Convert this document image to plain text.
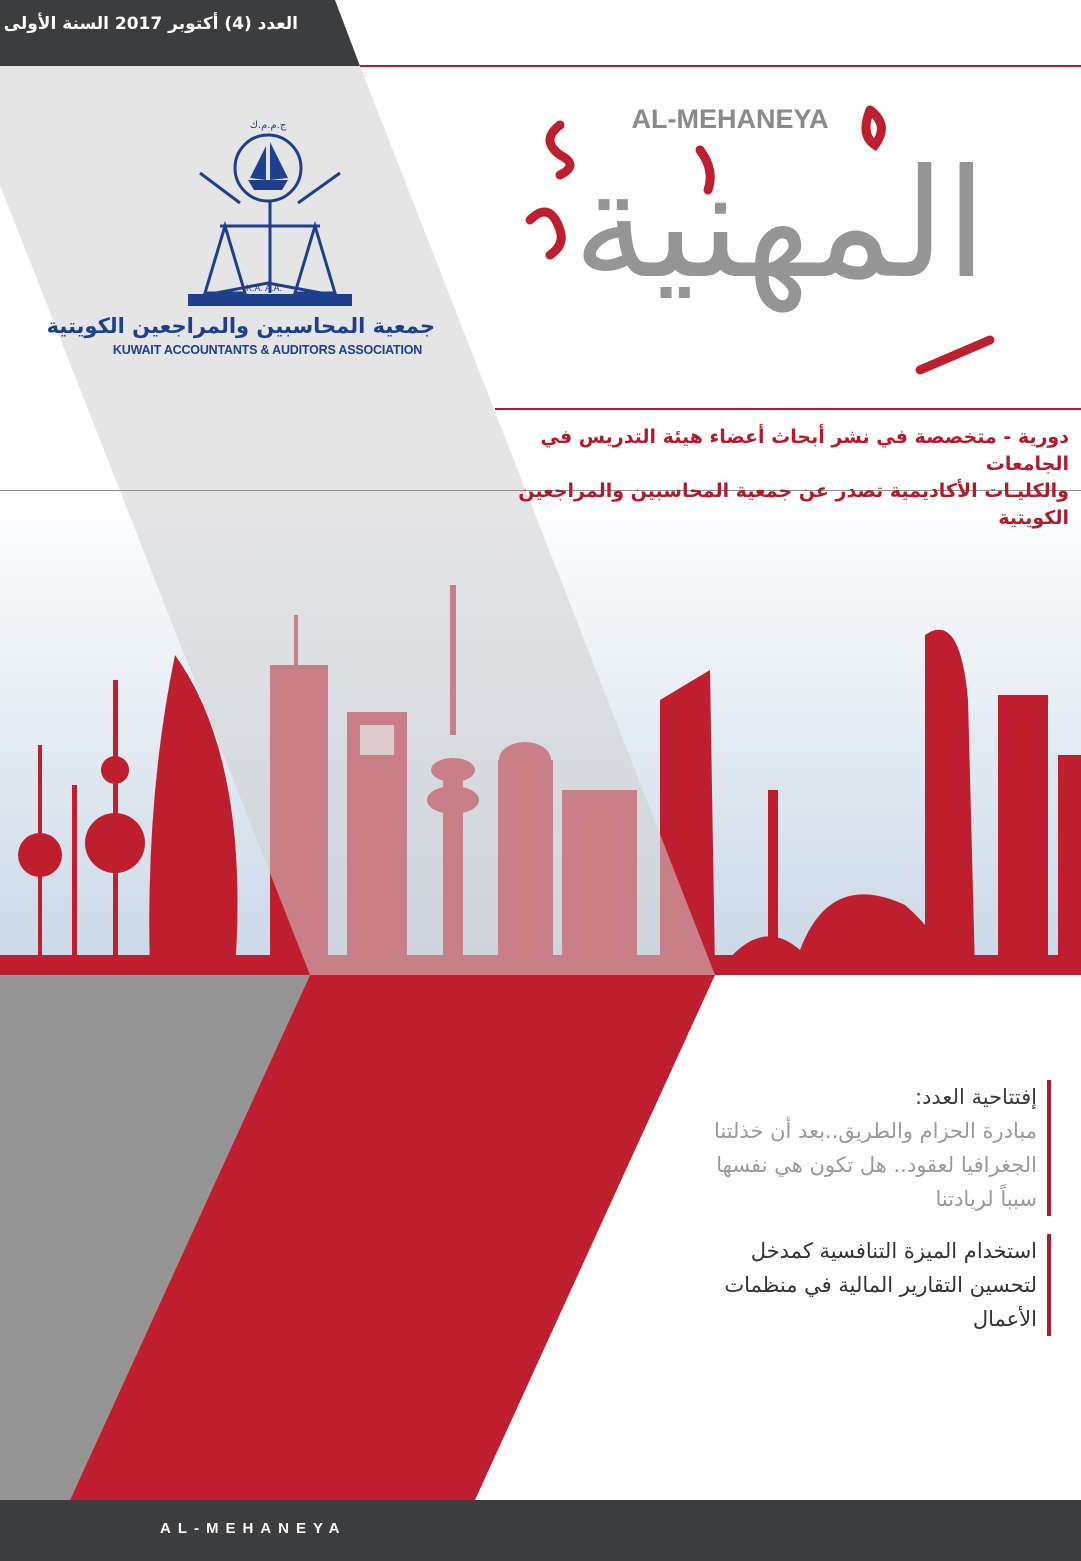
العدد (4) أكتوبر 2017 السنة الأولى
K.A. A.A.
ج.م.م.ك
جمعية المحاسبين والمراجعين الكويتية
KUWAIT ACCOUNTANTS & AUDITORS ASSOCIATION
AL-MEHANEYA
المهنية
دورية - متخصصة في نشر أبحاث أعضاء هيئة التدريس في الجامعات
والكليـات الأكاديمية تصدر عن جمعية المحاسبين والمراجعين الكويتية
إفتتاحية العدد:
مبادرة الحزام والطريق..بعد أن خذلتنا
الجغرافيا لعقود.. هل تكون هي نفسها
سبباً لريادتنا
استخدام الميزة التنافسية كمدخل
لتحسين التقارير المالية في منظمات
الأعمال
AL-MEHANEYA
